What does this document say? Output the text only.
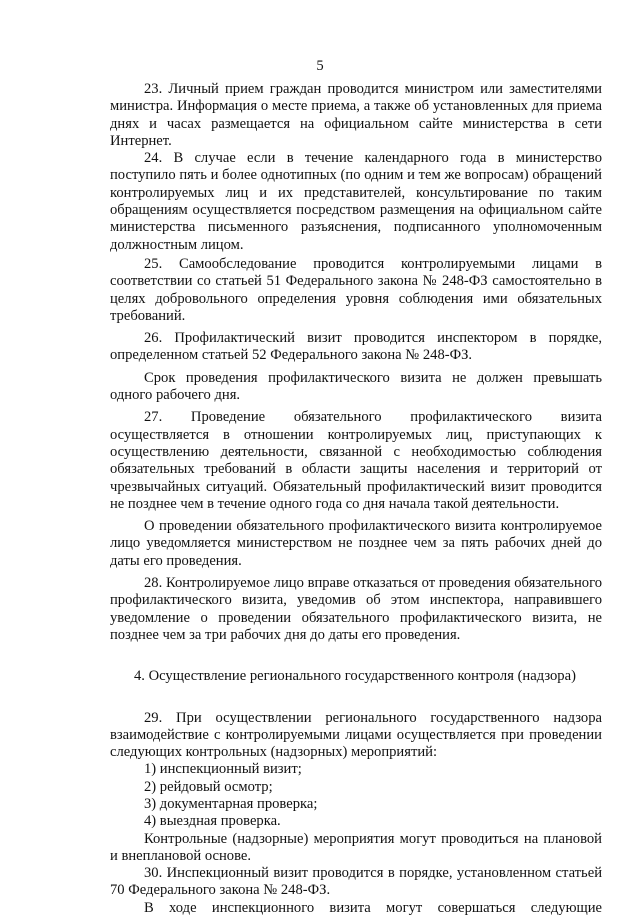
5

23. Личный прием граждан проводится министром или заместителями министра. Информация о месте приема, а также об установленных для приема днях и часах размещается на официальном сайте министерства в сети Интернет.

24. В случае если в течение календарного года в министерство поступило пять и более однотипных (по одним и тем же вопросам) обращений контролируемых лиц и их представителей, консультирование по таким обращениям осуществляется посредством размещения на официальном сайте министерства письменного разъяснения, подписанного уполномоченным должностным лицом.

25. Самообследование проводится контролируемыми лицами в соответствии со статьей 51 Федерального закона № 248-ФЗ самостоятельно в целях добровольного определения уровня соблюдения ими обязательных требований.

26. Профилактический визит проводится инспектором в порядке, определенном статьей 52 Федерального закона № 248-ФЗ.

Срок проведения профилактического визита не должен превышать одного рабочего дня.

27. Проведение обязательного профилактического визита осуществляется в отношении контролируемых лиц, приступающих к осуществлению деятельности, связанной с необходимостью соблюдения обязательных требований в области защиты населения и территорий от чрезвычайных ситуаций. Обязательный профилактический визит проводится не позднее чем в течение одного года со дня начала такой деятельности.

О проведении обязательного профилактического визита контролируемое лицо уведомляется министерством не позднее чем за пять рабочих дней до даты его проведения.

28. Контролируемое лицо вправе отказаться от проведения обязательного профилактического визита, уведомив об этом инспектора, направившего уведомление о проведении обязательного профилактического визита, не позднее чем за три рабочих дня до даты его проведения.

4. Осуществление регионального государственного контроля (надзора)

29. При осуществлении регионального государственного надзора взаимодействие с контролируемыми лицами осуществляется при проведении следующих контрольных (надзорных) мероприятий:

1) инспекционный визит;

2) рейдовый осмотр;

3) документарная проверка;

4) выездная проверка.

Контрольные (надзорные) мероприятия могут проводиться на плановой и внеплановой основе.

30. Инспекционный визит проводится в порядке, установленном статьей 70 Федерального закона № 248-ФЗ.

В ходе инспекционного визита могут совершаться следующие
